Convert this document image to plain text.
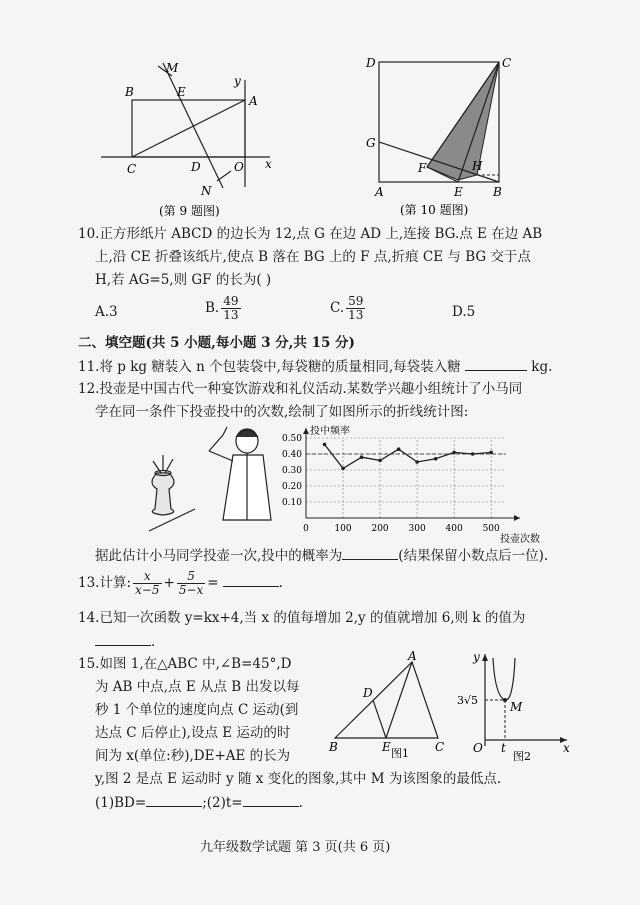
M
B	E
y
A
C	D	O x
N
(第 9 题图)
D	C
G
F	H
A	E	B
(第 10 题图)
10.正方形纸片 ABCD 的边长为 12,点 G 在边 AD 上,连接 BG.点 E 在边 AB
上,沿 CE 折叠该纸片,使点 B 落在 BG 上的 F 点,折痕 CE 与 BG 交于点
H,若 AG=5,则 GF 的长为( )
A.3	B. $\frac{49}{13}$	C. $\frac{59}{13}$	D.5
二、填空题(共 5 小题,每小题 3 分,共 15 分)
11.将 p kg 糖装入 n 个包装袋中,每袋糖的质量相同,每袋装入糖	kg.
12.投壶是中国古代一种宴饮游戏和礼仪活动.某数学兴趣小组统计了小马同
学在同一条件下投壶投中的次数,绘制了如图所示的折线统计图:
0.10
0.20
0.30
0.40
0.50
0	100 200 300 400 500
投中频率
投壶次数
据此估计小马同学投壶一次,投中的概率为	(结果保留小数点后一位).
13.计算: $\frac{x}{x-5} + \frac{5}{5-x}$ =	.
14.已知一次函数 y=kx+4,当 x 的值每增加 2,y 的值就增加 6,则 k 的值为
.
15.如图 1,在△ABC 中,∠B=45°,D
为 AB 中点,点 E 从点 B 出发以每
秒 1 个单位的速度向点 C 运动(到
达点 C 后停止),设点 E 运动的时
间为 x(单位:秒),DE+AE 的长为
y,图 2 是点 E 运动时 y 随 x 变化的图象,其中 M 为该图象的最低点.
(1)BD=	;(2)t=	.
A
D
B	E	C
图1
y
3√5	M
O t	x
图2
九年级数学试题 第 3 页(共 6 页)
